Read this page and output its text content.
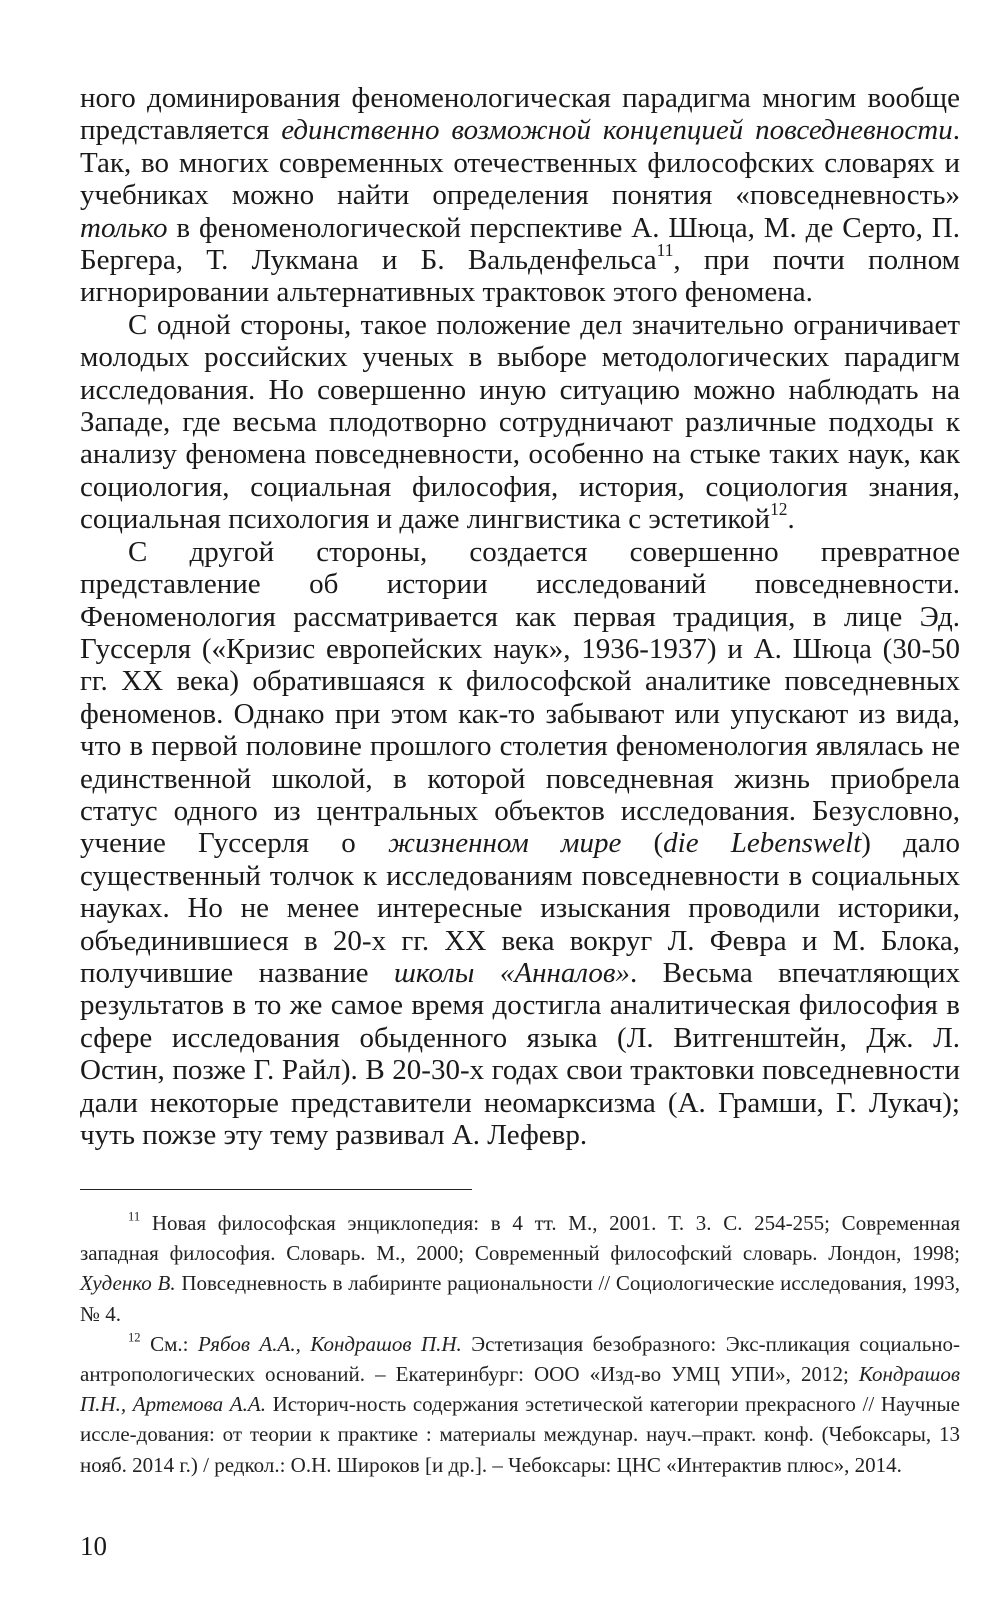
ного доминирования феноменологическая парадигма многим вообще представляется единственно возможной концепцией повседневности. Так, во многих современных отечественных философских словарях и учебниках можно найти определения понятия «повседневность» только в феноменологической перспективе А. Шюца, М. де Серто, П. Бергера, Т. Лукмана и Б. Вальденфельса$^{11}$, при почти полном игнорировании альтернативных трактовок этого феномена.

С одной стороны, такое положение дел значительно ограничивает молодых российских ученых в выборе методологических парадигм исследования. Но совершенно иную ситуацию можно наблюдать на Западе, где весьма плодотворно сотрудничают различные подходы к анализу феномена повседневности, особенно на стыке таких наук, как социология, социальная философия, история, социология знания, социальная психология и даже лингвистика с эстетикой$^{12}$.

С другой стороны, создается совершенно превратное представление об истории исследований повседневности. Феноменология рассматривается как первая традиция, в лице Эд. Гуссерля («Кризис европейских наук», 1936-1937) и А. Шюца (30-50 гг. XX века) обратившаяся к философской аналитике повседневных феноменов. Однако при этом как-то забывают или упускают из вида, что в первой половине прошлого столетия феноменология являлась не единственной школой, в которой повседневная жизнь приобрела статус одного из центральных объектов исследования. Безусловно, учение Гуссерля о жизненном мире (die Lebenswelt) дало существенный толчок к исследованиям повседневности в социальных науках. Но не менее интересные изыскания проводили историки, объединившиеся в 20-х гг. XX века вокруг Л. Февра и М. Блока, получившие название школы «Анналов». Весьма впечатляющих результатов в то же самое время достигла аналитическая философия в сфере исследования обыденного языка (Л. Витгенштейн, Дж. Л. Остин, позже Г. Райл). В 20-30-х годах свои трактовки повседневности дали некоторые представители неомарксизма (А. Грамши, Г. Лукач); чуть пожзе эту тему развивал А. Лефевр.

$^{11}$ Новая философская энциклопедия: в 4 тт. М., 2001. Т. 3. С. 254-255; Современная западная философия. Словарь. М., 2000; Современный философский словарь. Лондон, 1998; Худенко В. Повседневность в лабиринте рациональности // Социологические исследования, 1993, № 4.

$^{12}$ См.: Рябов А.А., Кондрашов П.Н. Эстетизация безобразного: Экс-пликация социально-антропологических оснований. – Екатеринбург: ООО «Изд-во УМЦ УПИ», 2012; Кондрашов П.Н., Артемова А.А. Историч-ность содержания эстетической категории прекрасного // Научные иссле-дования: от теории к практике : материалы междунар. науч.–практ. конф. (Чебоксары, 13 нояб. 2014 г.) / редкол.: О.Н. Широков [и др.]. – Чебоксары: ЦНС «Интерактив плюс», 2014.

10
